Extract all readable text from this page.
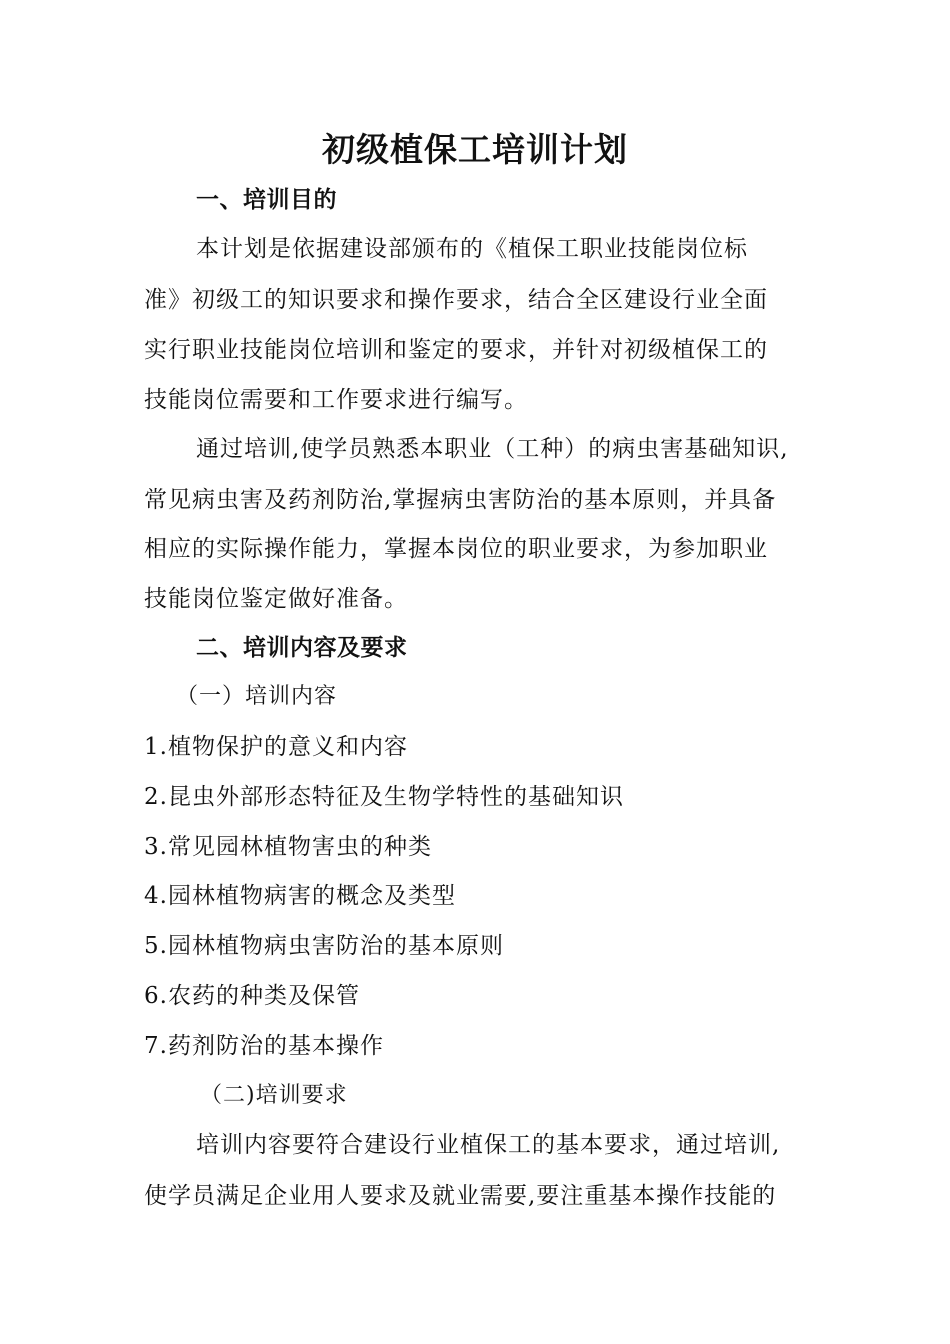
初级植保工培训计划
一、培训目的
本计划是依据建设部颁布的《植保工职业技能岗位标
准》初级工的知识要求和操作要求，结合全区建设行业全面
实行职业技能岗位培训和鉴定的要求，并针对初级植保工的
技能岗位需要和工作要求进行编写。
通过培训,使学员熟悉本职业（工种）的病虫害基础知识,
常见病虫害及药剂防治,掌握病虫害防治的基本原则，并具备
相应的实际操作能力，掌握本岗位的职业要求，为参加职业
技能岗位鉴定做好准备。
二、培训内容及要求
（一）培训内容
1.植物保护的意义和内容
2.昆虫外部形态特征及生物学特性的基础知识
3.常见园林植物害虫的种类
4.园林植物病害的概念及类型
5.园林植物病虫害防治的基本原则
6.农药的种类及保管
7.药剂防治的基本操作
（二)培训要求
培训内容要符合建设行业植保工的基本要求，通过培训,
使学员满足企业用人要求及就业需要,要注重基本操作技能的
